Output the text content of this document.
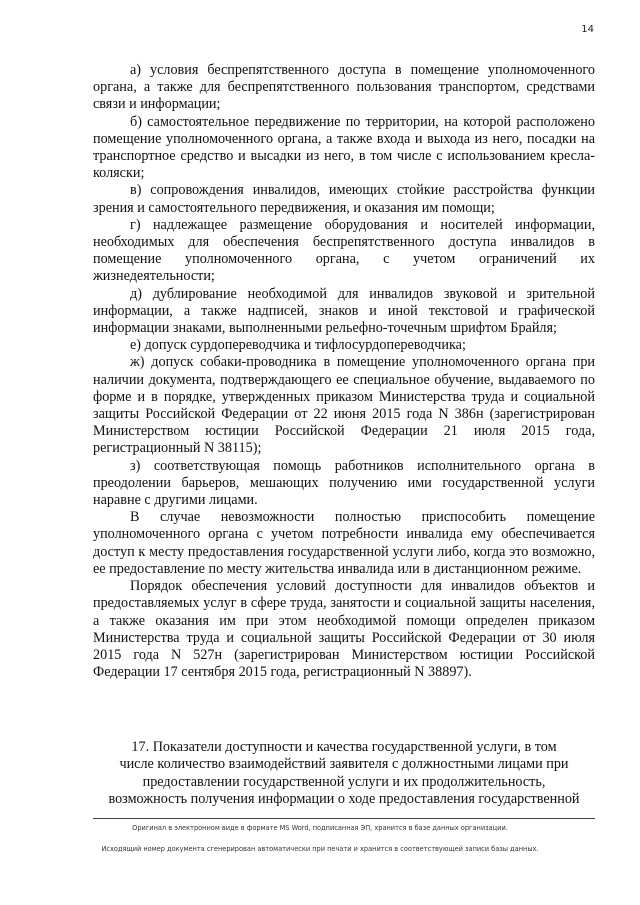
14

а) условия беспрепятственного доступа в помещение уполномоченного органа, а также для беспрепятственного пользования транспортом, средствами связи и информации;

б) самостоятельное передвижение по территории, на которой расположено помещение уполномоченного органа, а также входа и выхода из него, посадки на транспортное средство и высадки из него, в том числе с использованием кресла-коляски;

в) сопровождения инвалидов, имеющих стойкие расстройства функции зрения и самостоятельного передвижения, и оказания им помощи;

г) надлежащее размещение оборудования и носителей информации, необходимых для обеспечения беспрепятственного доступа инвалидов в помещение уполномоченного органа, с учетом ограничений их жизнедеятельности;

д) дублирование необходимой для инвалидов звуковой и зрительной информации, а также надписей, знаков и иной текстовой и графической информации знаками, выполненными рельефно-точечным шрифтом Брайля;

е) допуск сурдопереводчика и тифлосурдопереводчика;

ж) допуск собаки-проводника в помещение уполномоченного органа при наличии документа, подтверждающего ее специальное обучение, выдаваемого по форме и в порядке, утвержденных приказом Министерства труда и социальной защиты Российской Федерации от 22 июня 2015 года N 386н (зарегистрирован Министерством юстиции Российской Федерации 21 июля 2015 года, регистрационный N 38115);

з) соответствующая помощь работников исполнительного органа в преодолении барьеров, мешающих получению ими государственной услуги наравне с другими лицами.

В случае невозможности полностью приспособить помещение уполномоченного органа с учетом потребности инвалида ему обеспечивается доступ к месту предоставления государственной услуги либо, когда это возможно, ее предоставление по месту жительства инвалида или в дистанционном режиме.

Порядок обеспечения условий доступности для инвалидов объектов и предоставляемых услуг в сфере труда, занятости и социальной защиты населения, а также оказания им при этом необходимой помощи определен приказом Министерства труда и социальной защиты Российской Федерации от 30 июля 2015 года N 527н (зарегистрирован Министерством юстиции Российской Федерации 17 сентября 2015 года, регистрационный N 38897).

17. Показатели доступности и качества государственной услуги, в том

числе количество взаимодействий заявителя с должностными лицами при

предоставлении государственной услуги и их продолжительность,

возможность получения информации о ходе предоставления государственной

Оригинал в электронном виде в формате MS Word, подписанная ЭП, хранится в базе данных организации.
Исходящий номер документа сгенерирован автоматически при печати и хранится в соответствующей записи базы данных.
